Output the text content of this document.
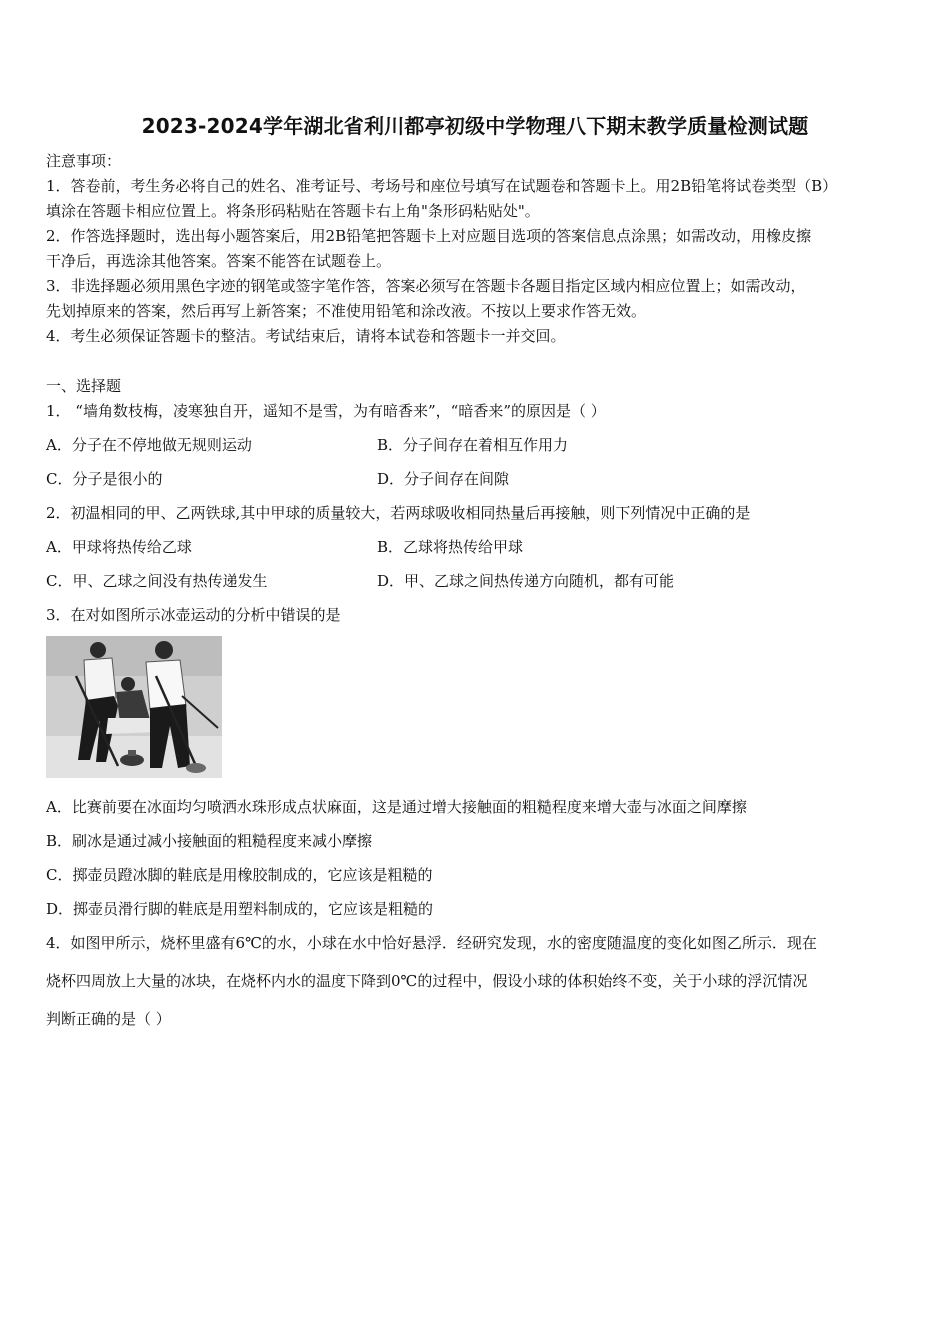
2023-2024学年湖北省利川都亭初级中学物理八下期末教学质量检测试题
注意事项：
1．答卷前，考生务必将自己的姓名、准考证号、考场号和座位号填写在试题卷和答题卡上。用2B铅笔将试卷类型（B）
填涂在答题卡相应位置上。将条形码粘贴在答题卡右上角"条形码粘贴处"。
2．作答选择题时，选出每小题答案后，用2B铅笔把答题卡上对应题目选项的答案信息点涂黑；如需改动，用橡皮擦
干净后，再选涂其他答案。答案不能答在试题卷上。
3．非选择题必须用黑色字迹的钢笔或签字笔作答，答案必须写在答题卡各题目指定区域内相应位置上；如需改动，
先划掉原来的答案，然后再写上新答案；不准使用铅笔和涂改液。不按以上要求作答无效。
4．考生必须保证答题卡的整洁。考试结束后，请将本试卷和答题卡一并交回。
一、选择题
1． “墙角数枝梅，凌寒独自开，遥知不是雪，为有暗香来”，“暗香来”的原因是（ ）
A．分子在不停地做无规则运动	B．分子间存在着相互作用力
C．分子是很小的	D．分子间存在间隙
2．初温相同的甲、乙两铁球,其中甲球的质量较大，若两球吸收相同热量后再接触，则下列情况中正确的是
A．甲球将热传给乙球	B．乙球将热传给甲球
C．甲、乙球之间没有热传递发生	D．甲、乙球之间热传递方向随机，都有可能
3．在对如图所示冰壶运动的分析中错误的是
A．比赛前要在冰面均匀喷洒水珠形成点状麻面，这是通过增大接触面的粗糙程度来增大壶与冰面之间摩擦
B．刷冰是通过减小接触面的粗糙程度来减小摩擦
C．掷壶员蹬冰脚的鞋底是用橡胶制成的，它应该是粗糙的
D．掷壶员滑行脚的鞋底是用塑料制成的，它应该是粗糙的
4．如图甲所示，烧杯里盛有6℃的水，小球在水中恰好悬浮．经研究发现，水的密度随温度的变化如图乙所示．现在
烧杯四周放上大量的冰块，在烧杯内水的温度下降到0℃的过程中，假设小球的体积始终不变，关于小球的浮沉情况
判断正确的是（ ）
